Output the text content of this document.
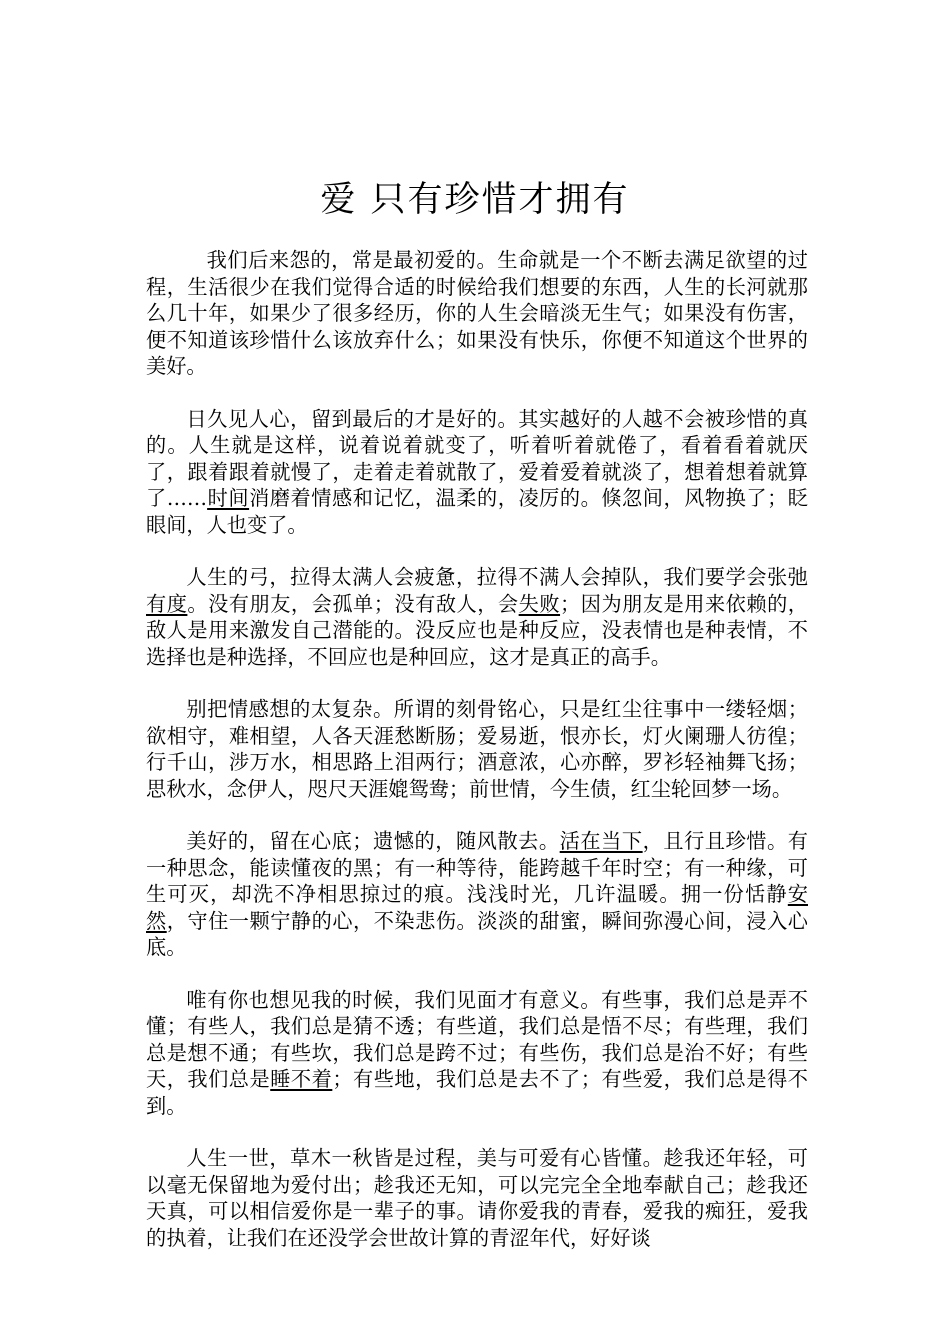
爱 只有珍惜才拥有

我们后来怨的，常是最初爱的。生命就是一个不断去满足欲望的过程，生活很少在我们觉得合适的时候给我们想要的东西，人生的长河就那么几十年，如果少了很多经历，你的人生会暗淡无生气；如果没有伤害，便不知道该珍惜什么该放弃什么；如果没有快乐，你便不知道这个世界的美好。

日久见人心，留到最后的才是好的。其实越好的人越不会被珍惜的真的。人生就是这样，说着说着就变了，听着听着就倦了，看着看着就厌了，跟着跟着就慢了，走着走着就散了，爱着爱着就淡了，想着想着就算了……时间消磨着情感和记忆，温柔的，凌厉的。倏忽间，风物换了；眨眼间，人也变了。

人生的弓，拉得太满人会疲惫，拉得不满人会掉队，我们要学会张弛有度。没有朋友，会孤单；没有敌人，会失败；因为朋友是用来依赖的，敌人是用来激发自己潜能的。没反应也是种反应，没表情也是种表情，不选择也是种选择，不回应也是种回应，这才是真正的高手。

别把情感想的太复杂。所谓的刻骨铭心，只是红尘往事中一缕轻烟；欲相守，难相望，人各天涯愁断肠；爱易逝，恨亦长，灯火阑珊人彷徨；行千山，涉万水，相思路上泪两行；酒意浓，心亦醉，罗衫轻袖舞飞扬；思秋水，念伊人，咫尺天涯媲鸳鸯；前世情，今生债，红尘轮回梦一场。

美好的，留在心底；遗憾的，随风散去。活在当下，且行且珍惜。有一种思念，能读懂夜的黑；有一种等待，能跨越千年时空；有一种缘，可生可灭，却洗不净相思掠过的痕。浅浅时光，几许温暖。拥一份恬静安然，守住一颗宁静的心，不染悲伤。淡淡的甜蜜，瞬间弥漫心间，浸入心底。

唯有你也想见我的时候，我们见面才有意义。有些事，我们总是弄不懂；有些人，我们总是猜不透；有些道，我们总是悟不尽；有些理，我们总是想不通；有些坎，我们总是跨不过；有些伤，我们总是治不好；有些天，我们总是睡不着；有些地，我们总是去不了；有些爱，我们总是得不到。

人生一世，草木一秋皆是过程，美与可爱有心皆懂。趁我还年轻，可以毫无保留地为爱付出；趁我还无知，可以完完全全地奉献自己；趁我还天真，可以相信爱你是一辈子的事。请你爱我的青春，爱我的痴狂，爱我的执着，让我们在还没学会世故计算的青涩年代，好好谈
